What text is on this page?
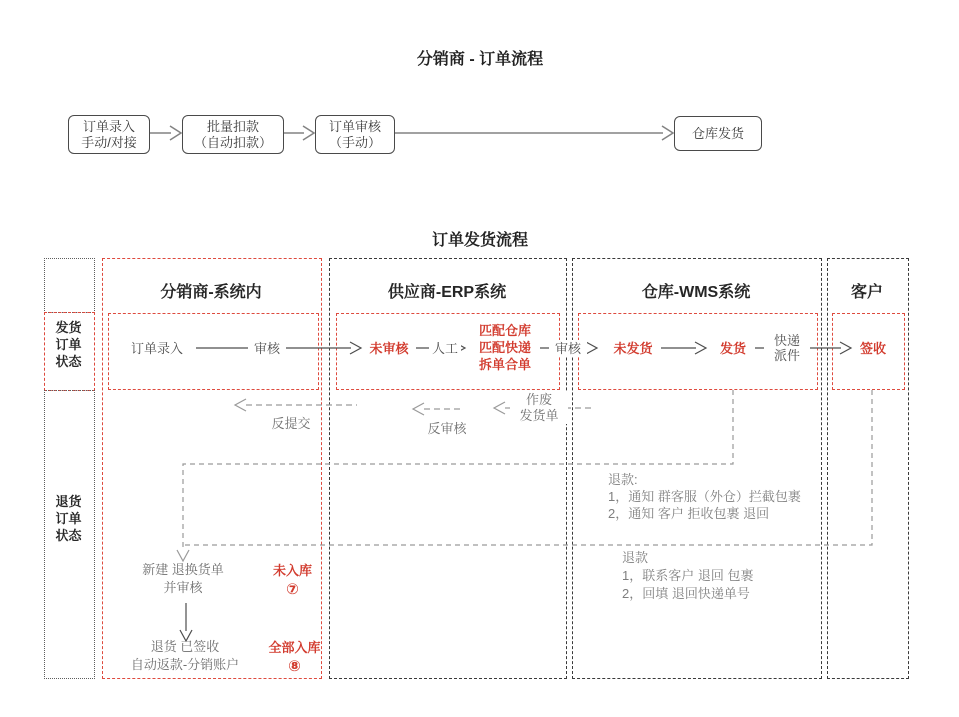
分销商 - 订单流程
订单录入
手动/对接
批量扣款
（自动扣款）
订单审核
（手动）
仓库发货
订单发货流程
分销商-系统内	供应商-ERP系统	仓库-WMS系统	客户
发货
订单
状态
退货
订单
状态
订单录入	审核	未审核	人工
匹配仓库
匹配快递
拆单合单
审核	未发货	发货
快递
派件	签收
反提交	反审核
作废
发货单
退款:
1，通知 群客服（外仓）拦截包裹
2，通知 客户 拒收包裹 退回
退款
1，联系客户 退回 包裹
2，回填 退回快递单号
新建 退换货单
并审核
未入库
⑦
退货 已签收
自动返款-分销账户
全部入库
⑧
